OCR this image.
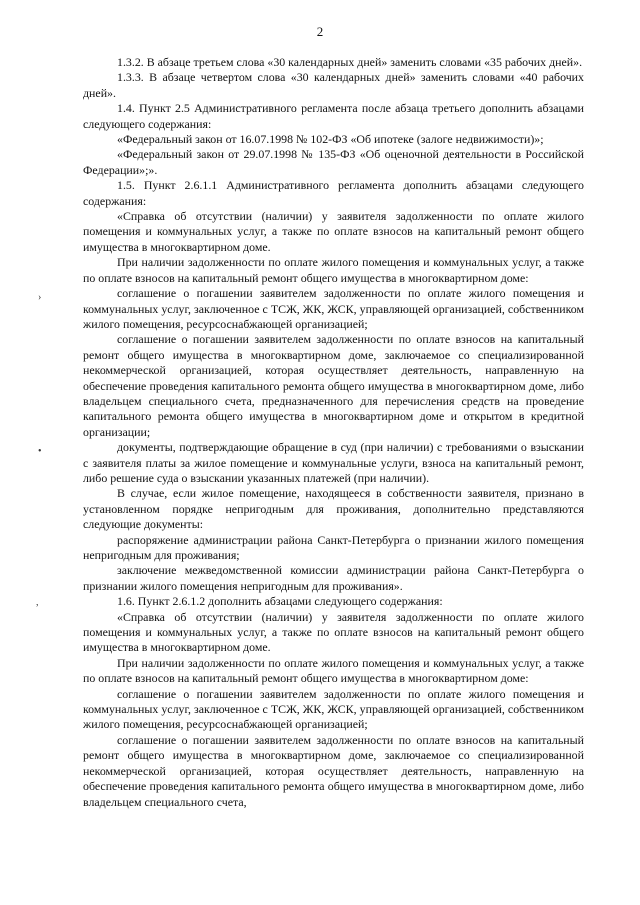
2
›
•
,

1.3.2. В абзаце третьем слова «30 календарных дней» заменить словами «35 рабочих дней».

1.3.3. В абзаце четвертом слова «30 календарных дней» заменить словами «40 рабочих дней».

1.4. Пункт 2.5 Административного регламента после абзаца третьего дополнить абзацами следующего содержания:

«Федеральный закон от 16.07.1998 № 102-ФЗ «Об ипотеке (залоге недвижимости)»;

«Федеральный закон от 29.07.1998 № 135-ФЗ «Об оценочной деятельности в Российской Федерации»;».

1.5. Пункт 2.6.1.1 Административного регламента дополнить абзацами следующего содержания:

«Справка об отсутствии (наличии) у заявителя задолженности по оплате жилого помещения и коммунальных услуг, а также по оплате взносов на капитальный ремонт общего имущества в многоквартирном доме.

При наличии задолженности по оплате жилого помещения и коммунальных услуг, а также по оплате взносов на капитальный ремонт общего имущества в многоквартирном доме:

соглашение о погашении заявителем задолженности по оплате жилого помещения и коммунальных услуг, заключенное с ТСЖ, ЖК, ЖСК, управляющей организацией, собственником жилого помещения, ресурсоснабжающей организацией;

соглашение о погашении заявителем задолженности по оплате взносов на капитальный ремонт общего имущества в многоквартирном доме, заключаемое со специализированной некоммерческой организацией, которая осуществляет деятельность, направленную на обеспечение проведения капитального ремонта общего имущества в многоквартирном доме, либо владельцем специального счета, предназначенного для перечисления средств на проведение капитального ремонта общего имущества в многоквартирном доме и открытом в кредитной организации;

документы, подтверждающие обращение в суд (при наличии) с требованиями о взыскании с заявителя платы за жилое помещение и коммунальные услуги, взноса на капитальный ремонт, либо решение суда о взыскании указанных платежей (при наличии).

В случае, если жилое помещение, находящееся в собственности заявителя, признано в установленном порядке непригодным для проживания, дополнительно представляются следующие документы:

распоряжение администрации района Санкт-Петербурга о признании жилого помещения непригодным для проживания;

заключение межведомственной комиссии администрации района Санкт-Петербурга о признании жилого помещения непригодным для проживания».

1.6. Пункт 2.6.1.2 дополнить абзацами следующего содержания:

«Справка об отсутствии (наличии) у заявителя задолженности по оплате жилого помещения и коммунальных услуг, а также по оплате взносов на капитальный ремонт общего имущества в многоквартирном доме.

При наличии задолженности по оплате жилого помещения и коммунальных услуг, а также по оплате взносов на капитальный ремонт общего имущества в многоквартирном доме:

соглашение о погашении заявителем задолженности по оплате жилого помещения и коммунальных услуг, заключенное с ТСЖ, ЖК, ЖСК, управляющей организацией, собственником жилого помещения, ресурсоснабжающей организацией;

соглашение о погашении заявителем задолженности по оплате взносов на капитальный ремонт общего имущества в многоквартирном доме, заключаемое со специализированной некоммерческой организацией, которая осуществляет деятельность, направленную на обеспечение проведения капитального ремонта общего имущества в многоквартирном доме, либо владельцем специального счета,
